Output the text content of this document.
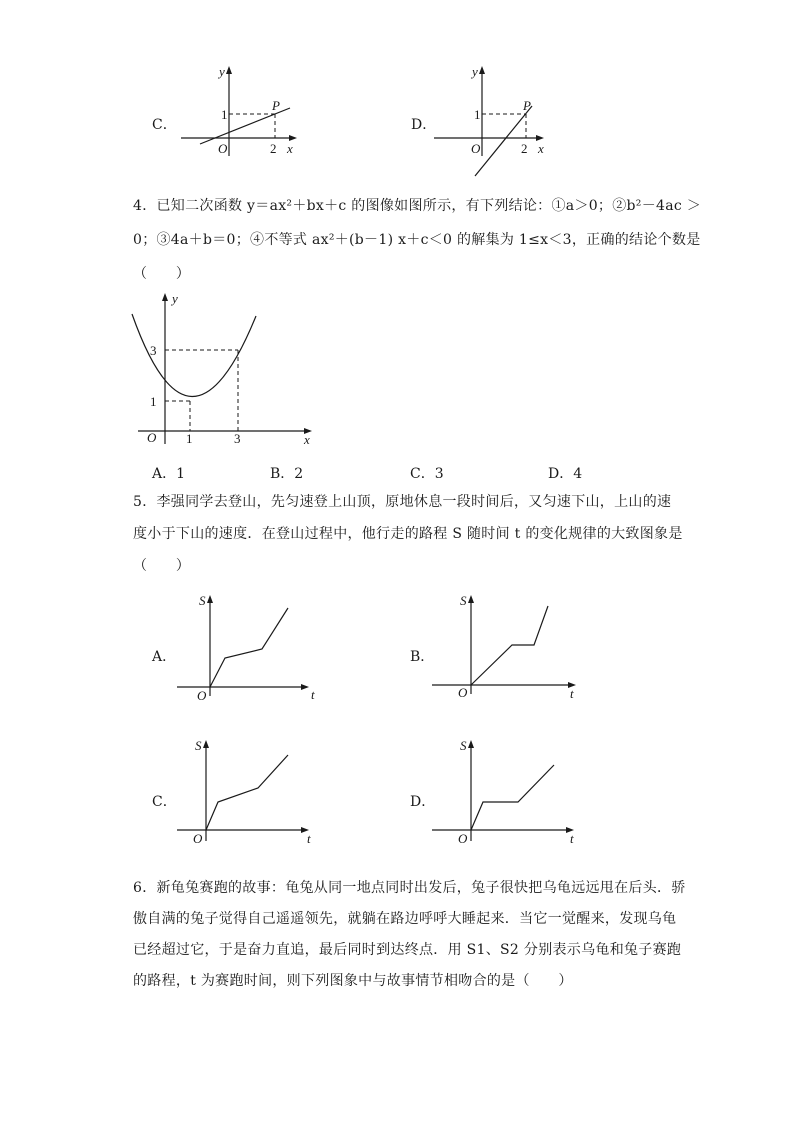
C．
y
x
O
1
2
P
D．
y
x
O
1
2
P
4．已知二次函数 y＝ax²＋bx＋c 的图像如图所示，有下列结论：①a＞0；②b²－4ac ＞
0；③4a＋b＝0；④不等式 ax²＋(b－1) x＋c＜0 的解集为 1≤x＜3，正确的结论个数是
（　　）
y
x
O
3
1
1	3
A．1	B．2	C．3	D．4
5．李强同学去登山，先匀速登上山顶，原地休息一段时间后，又匀速下山，上山的速
度小于下山的速度．在登山过程中，他行走的路程 S 随时间 t 的变化规律的大致图象是
（　　）
A．
S
t
O
B．
S
t
O
C．
S
t
O
D．
S
t
O
6．新龟兔赛跑的故事：龟兔从同一地点同时出发后，兔子很快把乌龟远远甩在后头．骄
傲自满的兔子觉得自己遥遥领先，就躺在路边呼呼大睡起来．当它一觉醒来，发现乌龟
已经超过它，于是奋力直追，最后同时到达终点．用 S1、S2 分别表示乌龟和兔子赛跑
的路程，t 为赛跑时间，则下列图象中与故事情节相吻合的是（　　）
